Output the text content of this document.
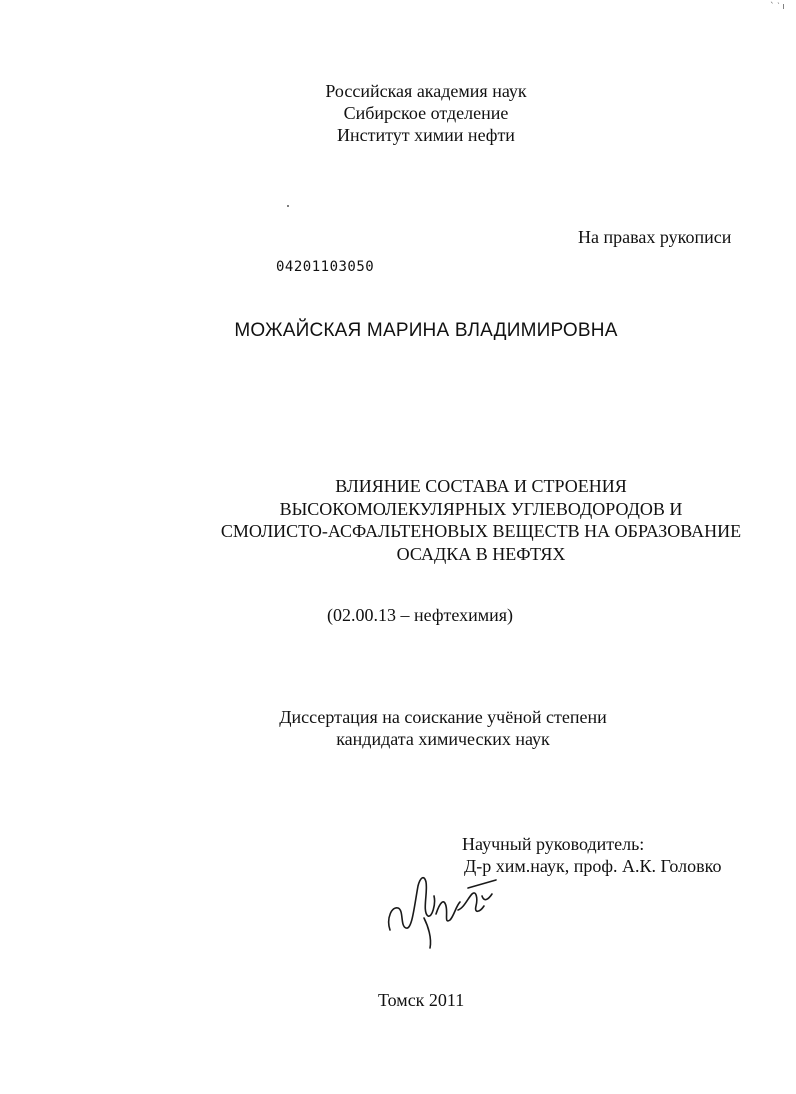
` ‵ ı
Российская академия наук
Сибирское отделение
Институт химии нефти
На правах рукописи
04201103050
МОЖАЙСКАЯ МАРИНА ВЛАДИМИРОВНА
ВЛИЯНИЕ СОСТАВА И СТРОЕНИЯ
ВЫСОКОМОЛЕКУЛЯРНЫХ УГЛЕВОДОРОДОВ И
СМОЛИСТО-АСФАЛЬТЕНОВЫХ ВЕЩЕСТВ НА ОБРАЗОВАНИЕ
ОСАДКА В НЕФТЯХ
(02.00.13 – нефтехимия)
Диссертация на соискание учёной степени
кандидата химических наук
Научный руководитель:
Д-р хим.наук, проф. А.К. Головко
Томск 2011
